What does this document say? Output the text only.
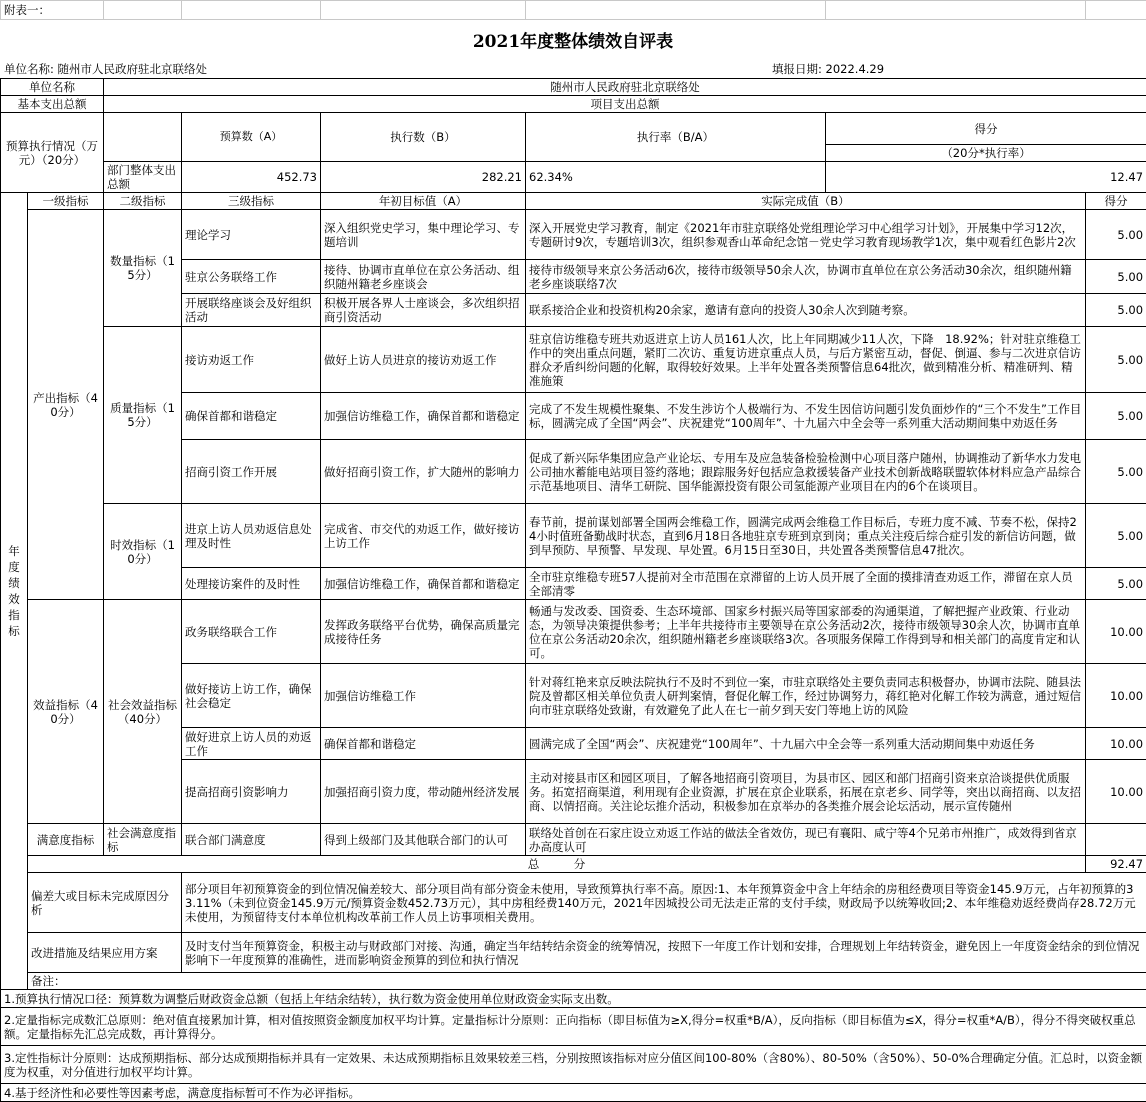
附表一：						
2021年度整体绩效自评表
单位名称: 随州市人民政府驻北京联络处	填报日期: 2022.4.29
单位名称		随州市人民政府驻北京联络处					
基本支出总额		项目支出总额					
预算执行情况（万元）（20分）			预算数（A）	执行数（B）	执行率（B/A）	得分	
						（20分*执行率）	
		部门整体支出总额	452.73	282.21	62.34%	12.47	

年度绩效指标	一级指标	二级指标	三级指标	年初目标值（A）	实际完成值（B）		得分
	产出指标（40分）	数量指标（15分）	理论学习	深入组织党史学习，集中理论学习、专题培训	深入开展党史学习教育，制定《2021年市驻京联络处党组理论学习中心组学习计划》，开展集中学习12次，专题研讨9次，专题培训3次，组织参观香山革命纪念馆－党史学习教育现场教学1次，集中观看红色影片2次		5.00
			驻京公务联络工作	接待、协调市直单位在京公务活动、组织随州籍老乡座谈会	接待市级领导来京公务活动6次，接待市级领导50余人次，协调市直单位在京公务活动30余次，组织随州籍老乡座谈联络7次		5.00
			开展联络座谈会及好组织活动	积极开展各界人士座谈会，多次组织招商引资活动	联系接洽企业和投资机构20余家，邀请有意向的投资人30余人次到随考察。		5.00
		质量指标（15分）	接访劝返工作	做好上访人员进京的接访劝返工作	驻京信访维稳专班共劝返进京上访人员161人次，比上年同期减少11人次，下降　18.92%；针对驻京维稳工作中的突出重点问题，紧盯二次访、重复访进京重点人员，与后方紧密互动，督促、倒逼、参与二次进京信访群众矛盾纠纷问题的化解，取得较好效果。上半年处置各类预警信息64批次，做到精准分析、精准研判、精准施策		5.00
			确保首都和谐稳定	加强信访维稳工作，确保首都和谐稳定	完成了不发生规模性聚集、不发生涉访个人极端行为、不发生因信访问题引发负面炒作的“三个不发生”工作目标，圆满完成了全国“两会”、庆祝建党“100周年”、十九届六中全会等一系列重大活动期间集中劝返任务		5.00
			招商引资工作开展	做好招商引资工作，扩大随州的影响力	促成了新兴际华集团应急产业论坛、专用车及应急装备检验检测中心项目落户随州，协调推动了新华水力发电公司抽水蓄能电站项目签约落地；跟踪服务好包括应急救援装备产业技术创新战略联盟软体材料应急产品综合示范基地项目、清华工研院、国华能源投资有限公司氢能源产业项目在内的6个在谈项目。		5.00
		时效指标（10分）	进京上访人员劝返信息处理及时性	完成省、市交代的劝返工作，做好接访上访工作	春节前，提前谋划部署全国两会维稳工作，圆满完成两会维稳工作目标后，专班力度不减、节奏不松，保持24小时值班备勤战时状态，直到6月18日各地驻京专班到京到岗；重点关注疫后综合症引发的新信访问题，做到早预防、早预警、早发现、早处置。6月15日至30日，共处置各类预警信息47批次。		5.00
			处理接访案件的及时性	加强信访维稳工作，确保首都和谐稳定	全市驻京维稳专班57人提前对全市范围在京滞留的上访人员开展了全面的摸排清查劝返工作，滞留在京人员全部清零		5.00
	效益指标（40分）	社会效益指标（40分）	政务联络联合工作	发挥政务联络平台优势，确保高质量完成接待任务	畅通与发改委、国资委、生态环境部、国家乡村振兴局等国家部委的沟通渠道，了解把握产业政策、行业动态，为领导决策提供参考；上半年共接待市主要领导在京公务活动2次，接待市级领导30余人次，协调市直单位在京公务活动20余次，组织随州籍老乡座谈联络3次。各项服务保障工作得到导和相关部门的高度肯定和认可。		10.00
			做好接访上访工作，确保社会稳定	加强信访维稳工作	针对蒋红艳来京反映法院执行不及时不到位一案，市驻京联络处主要负责同志积极督办，协调市法院、随县法院及曾都区相关单位负责人研判案情，督促化解工作，经过协调努力，蒋红艳对化解工作较为满意，通过短信向市驻京联络处致谢，有效避免了此人在七一前夕到天安门等地上访的风险		10.00
			做好进京上访人员的劝返工作	确保首都和谐稳定	圆满完成了全国“两会”、庆祝建党“100周年”、十九届六中全会等一系列重大活动期间集中劝返任务		10.00
			提高招商引资影响力	加强招商引资力度，带动随州经济发展	主动对接县市区和园区项目，了解各地招商引资项目，为县市区、园区和部门招商引资来京洽谈提供优质服务。拓宽招商渠道，利用现有企业资源，扩展在京企业联系，拓展在京老乡、同学等，突出以商招商、以友招商、以情招商。关注论坛推介活动，积极参加在京举办的各类推介展会论坛活动，展示宣传随州		10.00
	满意度指标	社会满意度指标	联合部门满意度	得到上级部门及其他联合部门的认可	联络处首创在石家庄设立劝返工作站的做法全省效仿，现已有襄阳、咸宁等4个兄弟市州推广，成效得到省京办高度认可		
	总　　　分						92.47
	偏差大或目标未完成原因分析		部分项目年初预算资金的到位情况偏差较大、部分项目尚有部分资金未使用，导致预算执行率不高。原因:1、本年预算资金中含上年结余的房租经费项目等资金145.9万元，占年初预算的33.11%（未到位资金145.9万元/预算资金数452.73万元），其中房租经费140万元，2021年因城投公司无法走正常的支付手续，财政局予以统筹收回;2、本年维稳劝返经费尚存28.72万元未使用，为预留待支付本单位机构改革前工作人员上访事项相关费用。				
	改进措施及结果应用方案		及时支付当年预算资金，积极主动与财政部门对接、沟通，确定当年结转结余资金的统筹情况，按照下一年度工作计划和安排，合理规划上年结转资金，避免因上一年度资金结余的到位情况影响下一年度预算的准确性，进而影响资金预算的到位和执行情况				
	备注：						
1.预算执行情况口径：预算数为调整后财政资金总额（包括上年结余结转），执行数为资金使用单位财政资金实际支出数。							
2.定量指标完成数汇总原则：绝对值直接累加计算，相对值按照资金额度加权平均计算。定量指标计分原则：正向指标（即目标值为≥X,得分=权重*B/A），反向指标（即目标值为≤X，得分=权重*A/B），得分不得突破权重总额。定量指标先汇总完成数，再计算得分。							
3.定性指标计分原则：达成预期指标、部分达成预期指标并具有一定效果、未达成预期指标且效果较差三档，分别按照该指标对应分值区间100-80%（含80%）、80-50%（含50%）、50-0%合理确定分值。汇总时，以资金额度为权重，对分值进行加权平均计算。							
4.基于经济性和必要性等因素考虑，满意度指标暂可不作为必评指标。							
